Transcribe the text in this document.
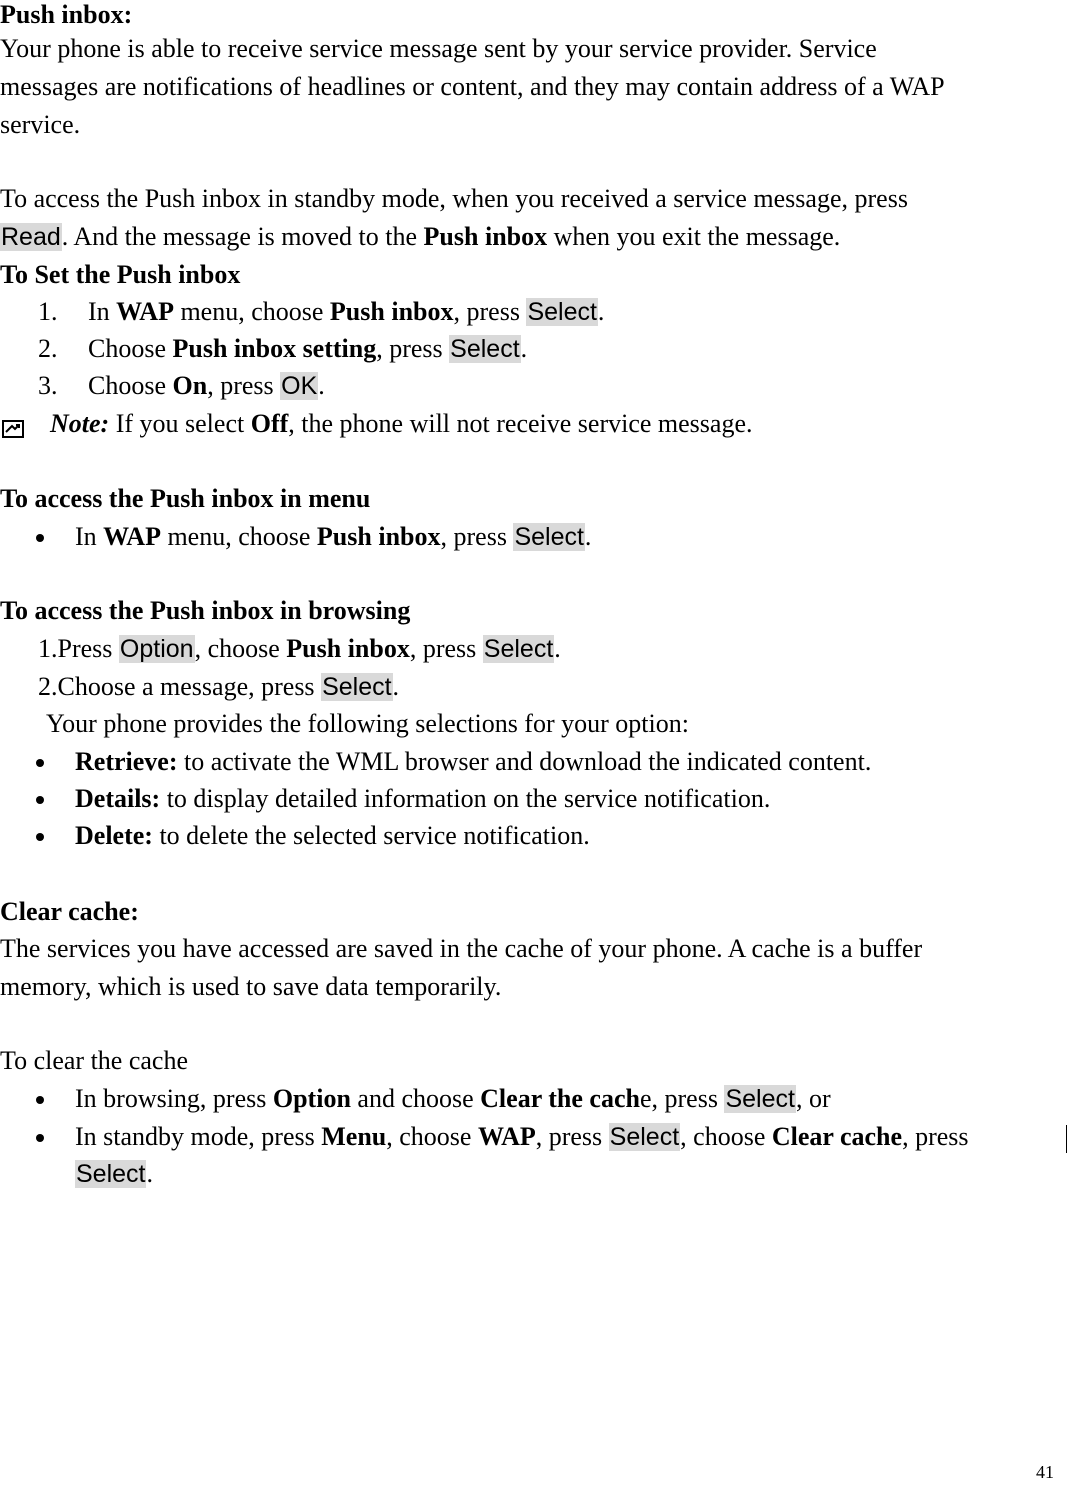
Push inbox:
Your phone is able to receive service message sent by your service provider. Service
messages are notifications of headlines or content, and they may contain address of a WAP
service.
To access the Push inbox in standby mode, when you received a service message, press
Read. And the message is moved to the Push inbox when you exit the message.
To Set the Push inbox
1. In WAP menu, choose Push inbox, press Select.
2. Choose Push inbox setting, press Select.
3. Choose On, press OK.
Note: If you select Off, the phone will not receive service message.
To access the Push inbox in menu
In WAP menu, choose Push inbox, press Select.
To access the Push inbox in browsing
1.Press Option, choose Push inbox, press Select.
2.Choose a message, press Select.
Your phone provides the following selections for your option:
Retrieve: to activate the WML browser and download the indicated content.
Details: to display detailed information on the service notification.
Delete: to delete the selected service notification.
Clear cache:
The services you have accessed are saved in the cache of your phone. A cache is a buffer
memory, which is used to save data temporarily.
To clear the cache
In browsing, press Option and choose Clear the cache, press Select, or
In standby mode, press Menu, choose WAP, press Select, choose Clear cache, press
Select.
41
